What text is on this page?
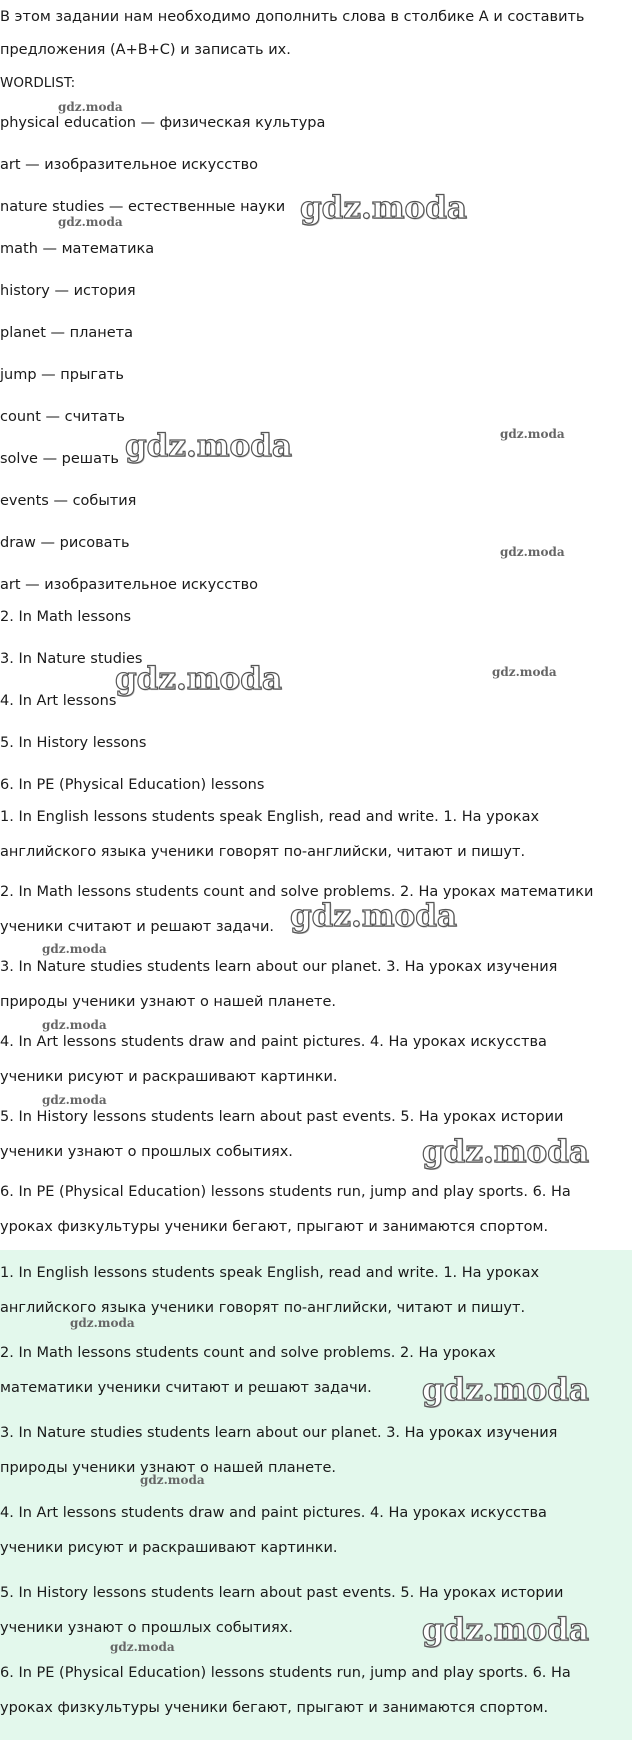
В этом задании нам необходимо дополнить слова в столбике А и составить
предложения (А+B+C) и записать их.
WORDLIST:
physical education — физическая культура
art — изобразительное искусство
nature studies — естественные науки
math — математика
history — история
planet — планета
jump — прыгать
count — считать
solve — решать
events — события
draw — рисовать
art — изобразительное искусство
2. In Math lessons
3. In Nature studies
4. In Art lessons
5. In History lessons
6. In PE (Physical Education) lessons
1. In English lessons students speak English, read and write. 1. На уроках
английского языка ученики говорят по-английски, читают и пишут.
2. In Math lessons students count and solve problems. 2. На уроках математики
ученики считают и решают задачи.
3. In Nature studies students learn about our planet. 3. На уроках изучения
природы ученики узнают о нашей планете.
4. In Art lessons students draw and paint pictures. 4. На уроках искусства
ученики рисуют и раскрашивают картинки.
5. In History lessons students learn about past events. 5. На уроках истории
ученики узнают о прошлых событиях.
6. In PE (Physical Education) lessons students run, jump and play sports. 6. На
уроках физкультуры ученики бегают, прыгают и занимаются спортом.
1. In English lessons students speak English, read and write. 1. На уроках
английского языка ученики говорят по-английски, читают и пишут.
2. In Math lessons students count and solve problems. 2. На уроках
математики ученики считают и решают задачи.
3. In Nature studies students learn about our planet. 3. На уроках изучения
природы ученики узнают о нашей планете.
4. In Art lessons students draw and paint pictures. 4. На уроках искусства
ученики рисуют и раскрашивают картинки.
5. In History lessons students learn about past events. 5. На уроках истории
ученики узнают о прошлых событиях.
6. In PE (Physical Education) lessons students run, jump and play sports. 6. На
уроках физкультуры ученики бегают, прыгают и занимаются спортом.
gdz.moda
gdz.moda
gdz.moda
gdz.moda
gdz.moda
gdz.moda
gdz.moda	gdz.moda
gdz.moda
gdz.moda
gdz.moda
gdz.moda
gdz.moda
gdz.moda
gdz.moda
gdz.moda
gdz.moda
gdz.moda
